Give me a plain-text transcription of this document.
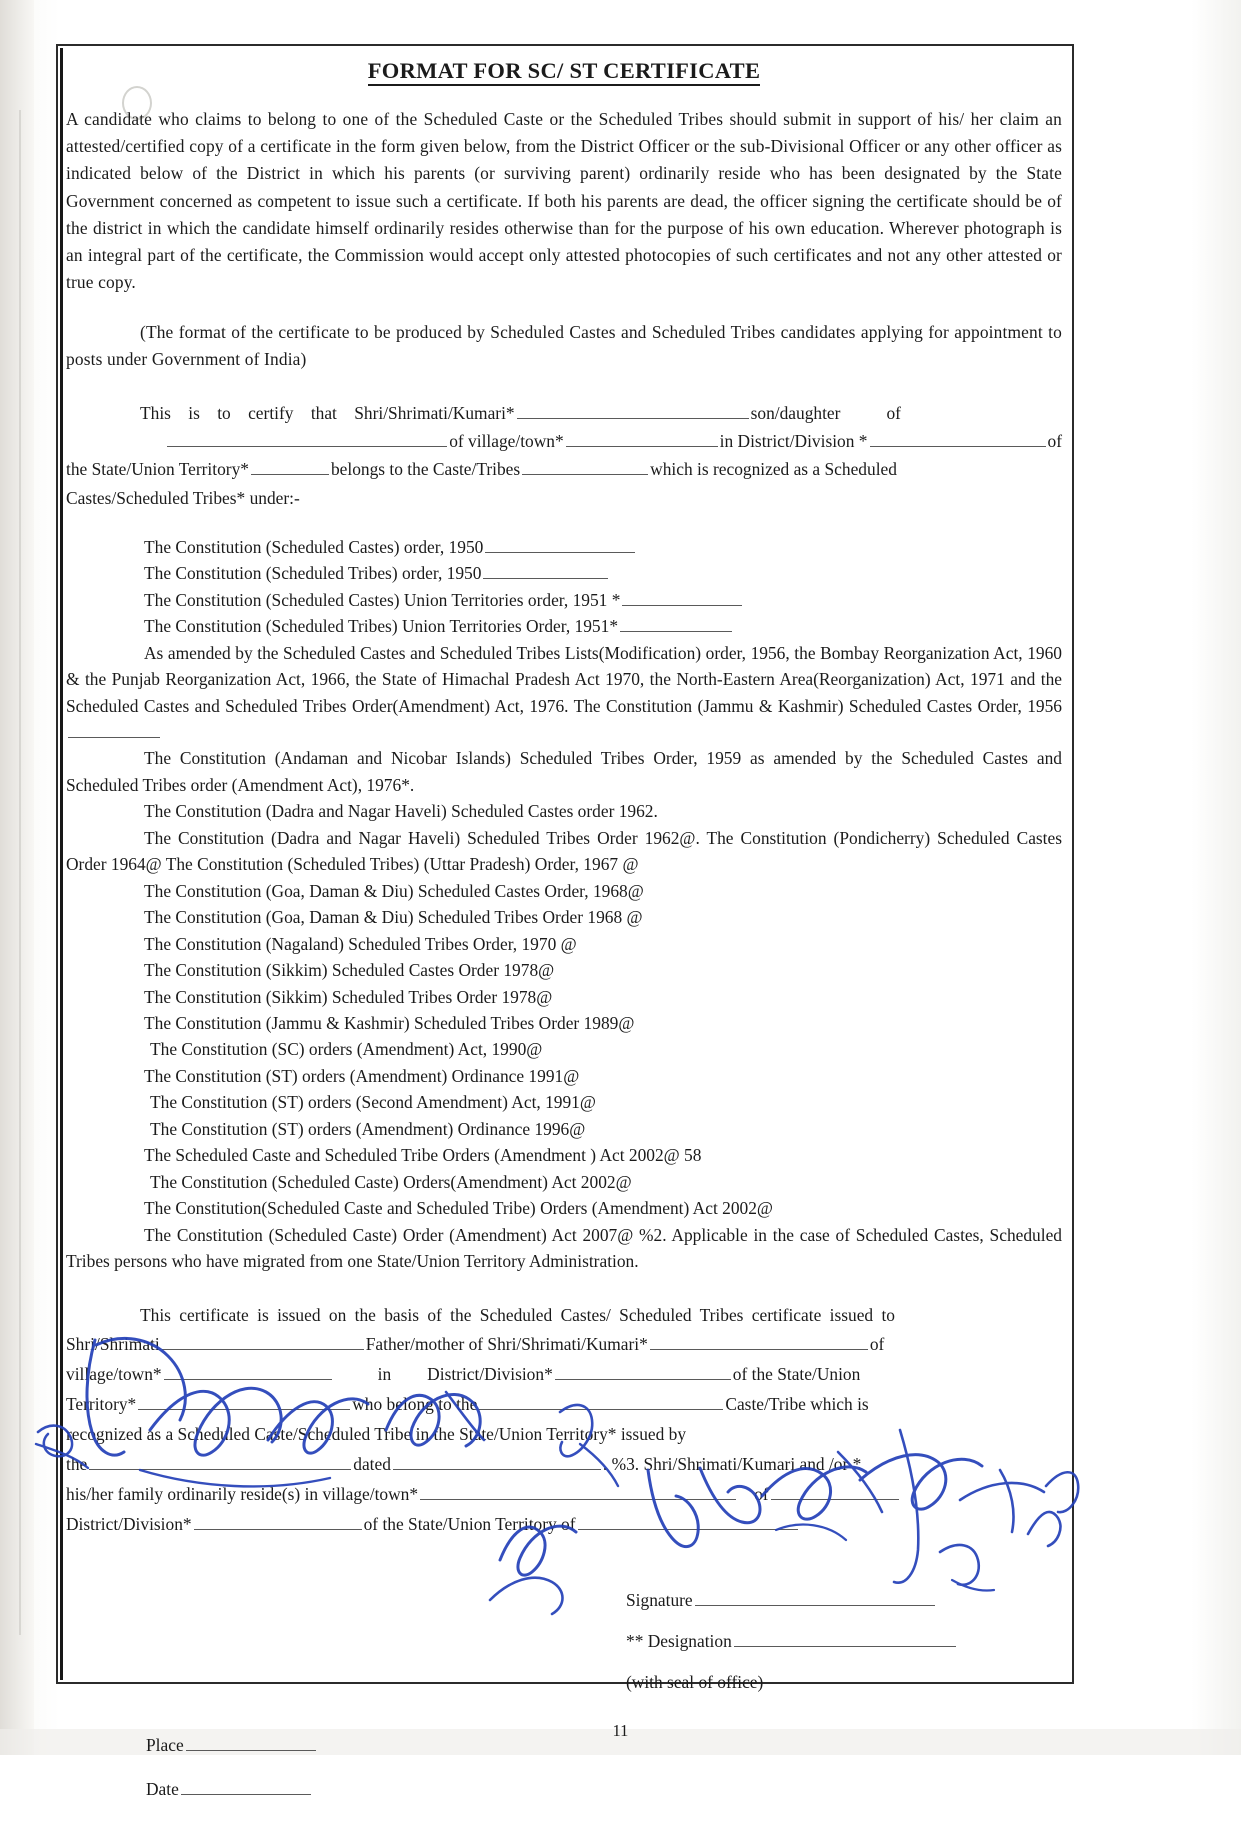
FORMAT FOR SC/ ST CERTIFICATE

A candidate who claims to belong to one of the Scheduled Caste or the Scheduled Tribes should submit in support of his/ her claim an attested/certified copy of a certificate in the form given below, from the District Officer or the sub-Divisional Officer or any other officer as indicated below of the District in which his parents (or surviving parent) ordinarily reside who has been designated by the State Government concerned as competent to issue such a certificate. If both his parents are dead, the officer signing the certificate should be of the district in which the candidate himself ordinarily resides otherwise than for the purpose of his own education. Wherever photograph is an integral part of the certificate, the Commission would accept only attested photocopies of such certificates and not any other attested or true copy.

(The format of the certificate to be produced by Scheduled Castes and Scheduled Tribes candidates applying for appointment to posts under Government of India)

This is to certify that Shri/Shrimati/Kumari*	son/daughter	of
of village/town*	in District/Division *	of
the State/Union Territory*	belongs to the Caste/Tribes	which is recognized as a Scheduled
Castes/Scheduled Tribes* under:-
The Constitution (Scheduled Castes) order, 1950
The Constitution (Scheduled Tribes) order, 1950
The Constitution (Scheduled Castes) Union Territories order, 1951 *
The Constitution (Scheduled Tribes) Union Territories Order, 1951*
As amended by the Scheduled Castes and Scheduled Tribes Lists(Modification) order, 1956, the Bombay Reorganization Act, 1960 & the Punjab Reorganization Act, 1966, the State of Himachal Pradesh Act 1970, the North-Eastern Area(Reorganization) Act, 1971 and the Scheduled Castes and Scheduled Tribes Order(Amendment) Act, 1976. The Constitution (Jammu & Kashmir) Scheduled Castes Order, 1956
The Constitution (Andaman and Nicobar Islands) Scheduled Tribes Order, 1959 as amended by the Scheduled Castes and Scheduled Tribes order (Amendment Act), 1976*.
The Constitution (Dadra and Nagar Haveli) Scheduled Castes order 1962.
The Constitution (Dadra and Nagar Haveli) Scheduled Tribes Order 1962@. The Constitution (Pondicherry) Scheduled Castes Order 1964@ The Constitution (Scheduled Tribes) (Uttar Pradesh) Order, 1967 @
The Constitution (Goa, Daman & Diu) Scheduled Castes Order, 1968@
The Constitution (Goa, Daman & Diu) Scheduled Tribes Order 1968 @
The Constitution (Nagaland) Scheduled Tribes Order, 1970 @
The Constitution (Sikkim) Scheduled Castes Order 1978@
The Constitution (Sikkim) Scheduled Tribes Order 1978@
The Constitution (Jammu & Kashmir) Scheduled Tribes Order 1989@
The Constitution (SC) orders (Amendment) Act, 1990@
The Constitution (ST) orders (Amendment) Ordinance 1991@
The Constitution (ST) orders (Second Amendment) Act, 1991@
The Constitution (ST) orders (Amendment) Ordinance 1996@
The Scheduled Caste and Scheduled Tribe Orders (Amendment ) Act 2002@ 58
The Constitution (Scheduled Caste) Orders(Amendment) Act 2002@
The Constitution(Scheduled Caste and Scheduled Tribe) Orders (Amendment) Act 2002@
The Constitution (Scheduled Caste) Order (Amendment) Act 2007@ %2. Applicable in the case of Scheduled Castes, Scheduled Tribes persons who have migrated from one State/Union Territory Administration.
This certificate is issued on the basis of the Scheduled Castes/ Scheduled Tribes certificate issued to
Shri/Shrimati	Father/mother of Shri/Shrimati/Kumari*	of
village/town*	in District/Division*	of the State/Union
Territory*	who belong to the	Caste/Tribe which is
recognized as a Scheduled Caste/Scheduled Tribe in the State/Union Territory* issued by
the	dated	. %3. Shri/Shrimati/Kumari and /or *
his/her family ordinarily reside(s) in village/town*	of
District/Division*	of the State/Union Territory of
Signature
** Designation
(with seal of office)
Place
Date
11
